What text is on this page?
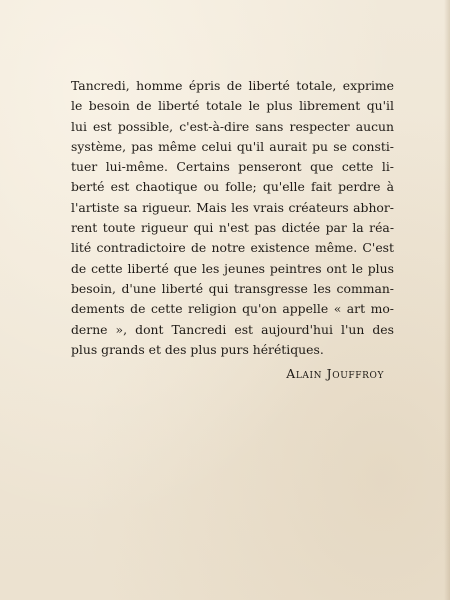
Tancredi, homme épris de liberté totale, exprime
le besoin de liberté totale le plus librement qu'il
lui est possible, c'est-à-dire sans respecter aucun
système, pas même celui qu'il aurait pu se consti-
tuer lui-même. Certains penseront que cette li-
berté est chaotique ou folle; qu'elle fait perdre à
l'artiste sa rigueur. Mais les vrais créateurs abhor-
rent toute rigueur qui n'est pas dictée par la réa-
lité contradictoire de notre existence même. C'est
de cette liberté que les jeunes peintres ont le plus
besoin, d'une liberté qui transgresse les comman-
dements de cette religion qu'on appelle « art mo-
derne », dont Tancredi est aujourd'hui l'un des
plus grands et des plus purs hérétiques.
Alain Jouffroy
